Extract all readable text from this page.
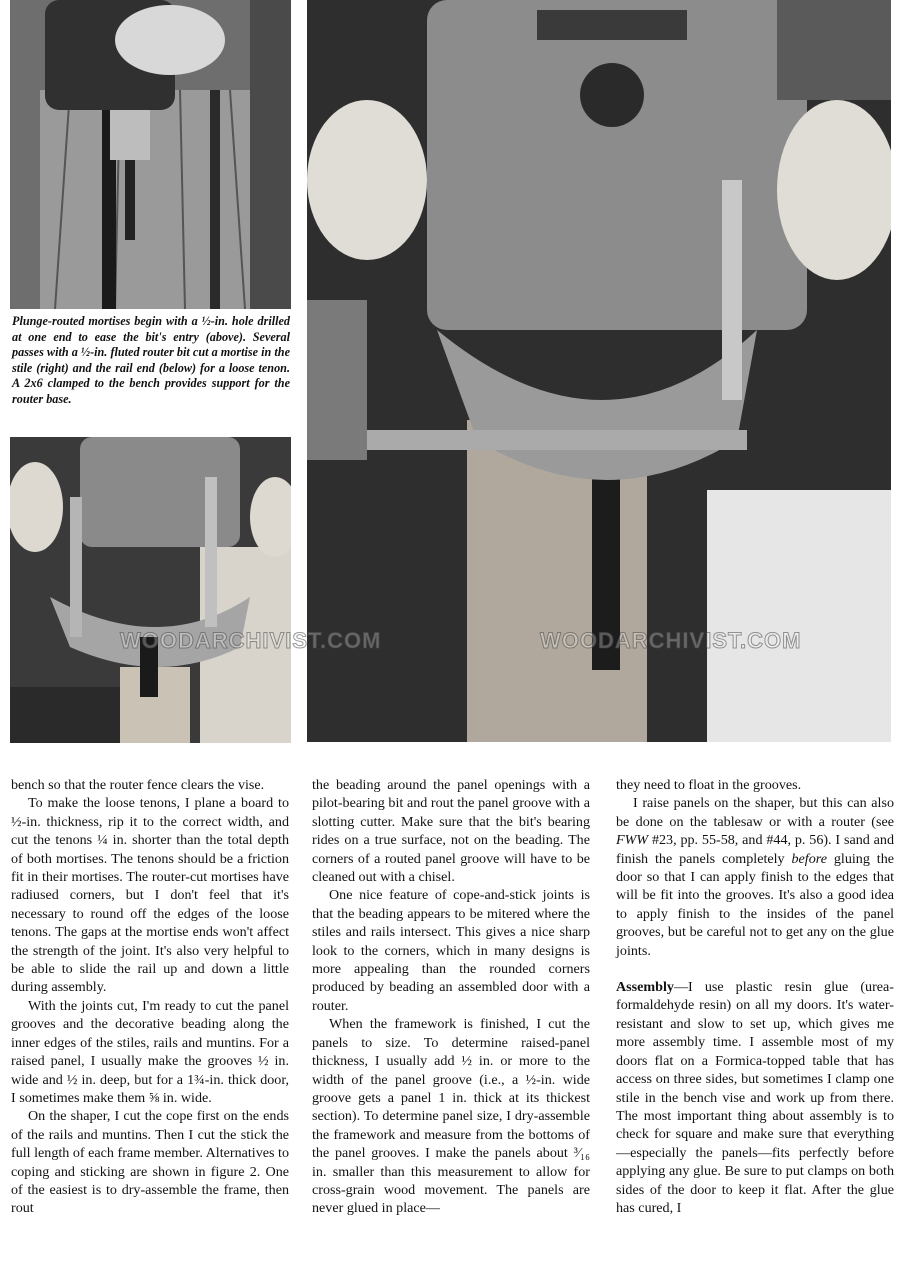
WOODARCHIVIST.COM	WOODARCHIVIST.COM

Plunge-routed mortises begin with a ½-in. hole drilled at one end to ease the bit's entry (above). Several passes with a ½-in. fluted router bit cut a mortise in the stile (right) and the rail end (below) for a loose tenon. A 2x6 clamped to the bench provides support for the router base.

bench so that the router fence clears the vise.

To make the loose tenons, I plane a board to ½-in. thickness, rip it to the correct width, and cut the tenons ¼ in. shorter than the total depth of both mortises. The tenons should be a friction fit in their mortises. The router-cut mortises have radiused corners, but I don't feel that it's necessary to round off the edges of the loose tenons. The gaps at the mortise ends won't affect the strength of the joint. It's also very helpful to be able to slide the rail up and down a little during assembly.

With the joints cut, I'm ready to cut the panel grooves and the decorative beading along the inner edges of the stiles, rails and muntins. For a raised panel, I usually make the grooves ½ in. wide and ½ in. deep, but for a 1¾-in. thick door, I sometimes make them ⅝ in. wide.

On the shaper, I cut the cope first on the ends of the rails and muntins. Then I cut the stick the full length of each frame member. Alternatives to coping and sticking are shown in figure 2. One of the easiest is to dry-assemble the frame, then rout

the beading around the panel openings with a pilot-bearing bit and rout the panel groove with a slotting cutter. Make sure that the bit's bearing rides on a true surface, not on the beading. The corners of a routed panel groove will have to be cleaned out with a chisel.

One nice feature of cope-and-stick joints is that the beading appears to be mitered where the stiles and rails intersect. This gives a nice sharp look to the corners, which in many designs is more appealing than the rounded corners produced by beading an assembled door with a router.

When the framework is finished, I cut the panels to size. To determine raised-panel thickness, I usually add ½ in. or more to the width of the panel groove (i.e., a ½-in. wide groove gets a panel 1 in. thick at its thickest section). To determine panel size, I dry-assemble the framework and measure from the bottoms of the panel grooves. I make the panels about ³⁄₁₆ in. smaller than this measurement to allow for cross-grain wood movement. The panels are never glued in place—

they need to float in the grooves.

I raise panels on the shaper, but this can also be done on the tablesaw or with a router (see FWW #23, pp. 55-58, and #44, p. 56). I sand and finish the panels completely before gluing the door so that I can apply finish to the edges that will be fit into the grooves. It's also a good idea to apply finish to the insides of the panel grooves, but be careful not to get any on the glue joints.

Assembly—I use plastic resin glue (urea-formaldehyde resin) on all my doors. It's water-resistant and slow to set up, which gives me more assembly time. I assemble most of my doors flat on a Formica-topped table that has access on three sides, but sometimes I clamp one stile in the bench vise and work up from there. The most important thing about assembly is to check for square and make sure that everything—especially the panels—fits perfectly before applying any glue. Be sure to put clamps on both sides of the door to keep it flat. After the glue has cured, I
